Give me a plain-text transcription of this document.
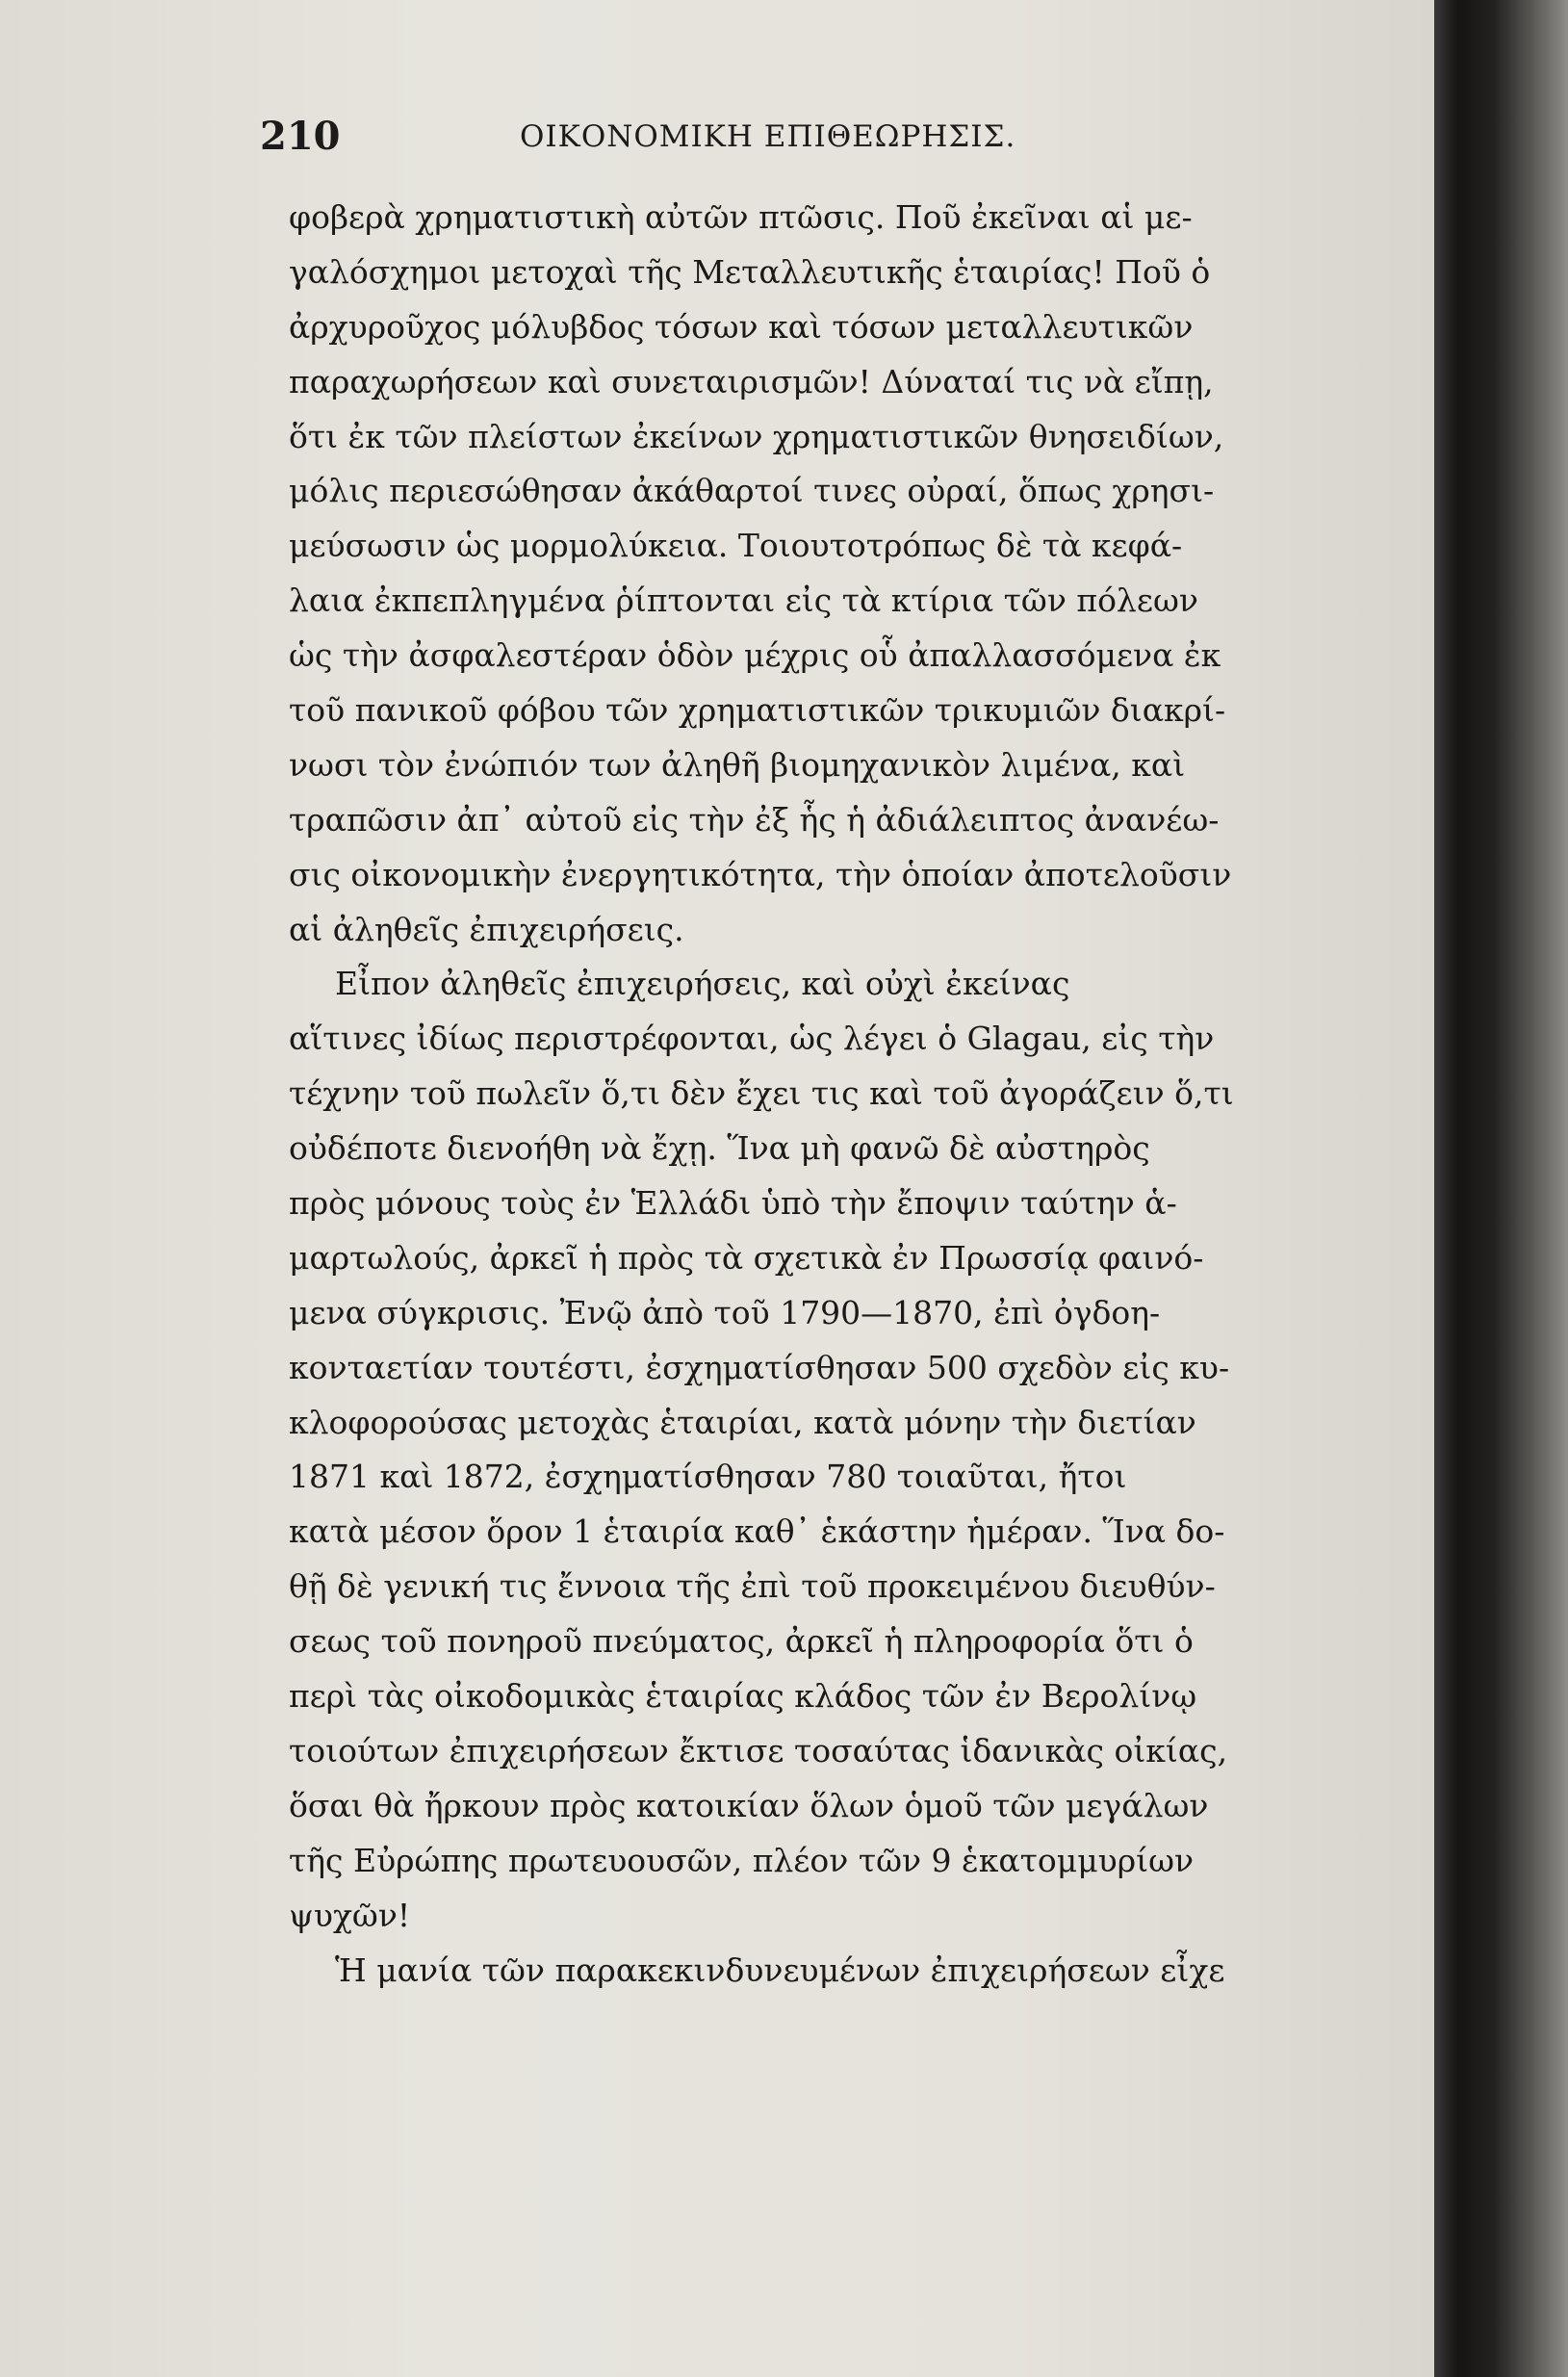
210	ΟΙΚΟΝΟΜΙΚΗ ΕΠΙΘΕΩΡΗΣΙΣ.
φοβερὰ χρηματιστικὴ αὐτῶν πτῶσις. Ποῦ ἐκεῖναι αἱ με-
γαλόσχημοι μετοχαὶ τῆς Μεταλλευτικῆς ἑταιρίας! Ποῦ ὁ
ἀρχυροῦχος μόλυβδος τόσων καὶ τόσων μεταλλευτικῶν
παραχωρήσεων καὶ συνεταιρισμῶν! Δύναταί τις νὰ εἴπῃ,
ὅτι ἐκ τῶν πλείστων ἐκείνων χρηματιστικῶν θνησειδίων,
μόλις περιεσώθησαν ἀκάθαρτοί τινες οὐραί, ὅπως χρησι-
μεύσωσιν ὡς μορμολύκεια. Τοιουτοτρόπως δὲ τὰ κεφά-
λαια ἐκπεπληγμένα ῥίπτονται εἰς τὰ κτίρια τῶν πόλεων
ὡς τὴν ἀσφαλεστέραν ὁδὸν μέχρις οὗ ἀπαλλασσόμενα ἐκ
τοῦ πανικοῦ φόβου τῶν χρηματιστικῶν τρικυμιῶν διακρί-
νωσι τὸν ἐνώπιόν των ἀληθῆ βιομηχανικὸν λιμένα, καὶ
τραπῶσιν ἀπ᾽ αὐτοῦ εἰς τὴν ἐξ ἧς ἡ ἀδιάλειπτος ἀνανέω-
σις οἰκονομικὴν ἐνεργητικότητα, τὴν ὁποίαν ἀποτελοῦσιν
αἱ ἀληθεῖς ἐπιχειρήσεις.
Εἶπον ἀληθεῖς ἐπιχειρήσεις, καὶ οὐχὶ ἐκείνας
αἵτινες ἰδίως περιστρέφονται, ὡς λέγει ὁ Glagau, εἰς τὴν
τέχνην τοῦ πωλεῖν ὅ,τι δὲν ἔχει τις καὶ τοῦ ἀγοράζειν ὅ,τι
οὐδέποτε διενοήθη νὰ ἔχῃ. Ἵνα μὴ φανῶ δὲ αὐστηρὸς
πρὸς μόνους τοὺς ἐν Ἑλλάδι ὑπὸ τὴν ἔποψιν ταύτην ἁ-
μαρτωλούς, ἀρκεῖ ἡ πρὸς τὰ σχετικὰ ἐν Πρωσσίᾳ φαινό-
μενα σύγκρισις. Ἐνῷ ἀπὸ τοῦ 1790—1870, ἐπὶ ὀγδοη-
κονταετίαν τουτέστι, ἐσχηματίσθησαν 500 σχεδὸν εἰς κυ-
κλοφορούσας μετοχὰς ἑταιρίαι, κατὰ μόνην τὴν διετίαν
1871 καὶ 1872, ἐσχηματίσθησαν 780 τοιαῦται, ἤτοι
κατὰ μέσον ὅρον 1 ἑταιρία καθ᾽ ἑκάστην ἡμέραν. Ἵνα δο-
θῇ δὲ γενική τις ἔννοια τῆς ἐπὶ τοῦ προκειμένου διευθύν-
σεως τοῦ πονηροῦ πνεύματος, ἀρκεῖ ἡ πληροφορία ὅτι ὁ
περὶ τὰς οἰκοδομικὰς ἑταιρίας κλάδος τῶν ἐν Βερολίνῳ
τοιούτων ἐπιχειρήσεων ἔκτισε τοσαύτας ἱδανικὰς οἰκίας,
ὅσαι θὰ ἤρκουν πρὸς κατοικίαν ὅλων ὁμοῦ τῶν μεγάλων
τῆς Εὐρώπης πρωτευουσῶν, πλέον τῶν 9 ἑκατομμυρίων
ψυχῶν!
Ἡ μανία τῶν παρακεκινδυνευμένων ἐπιχειρήσεων εἶχε
